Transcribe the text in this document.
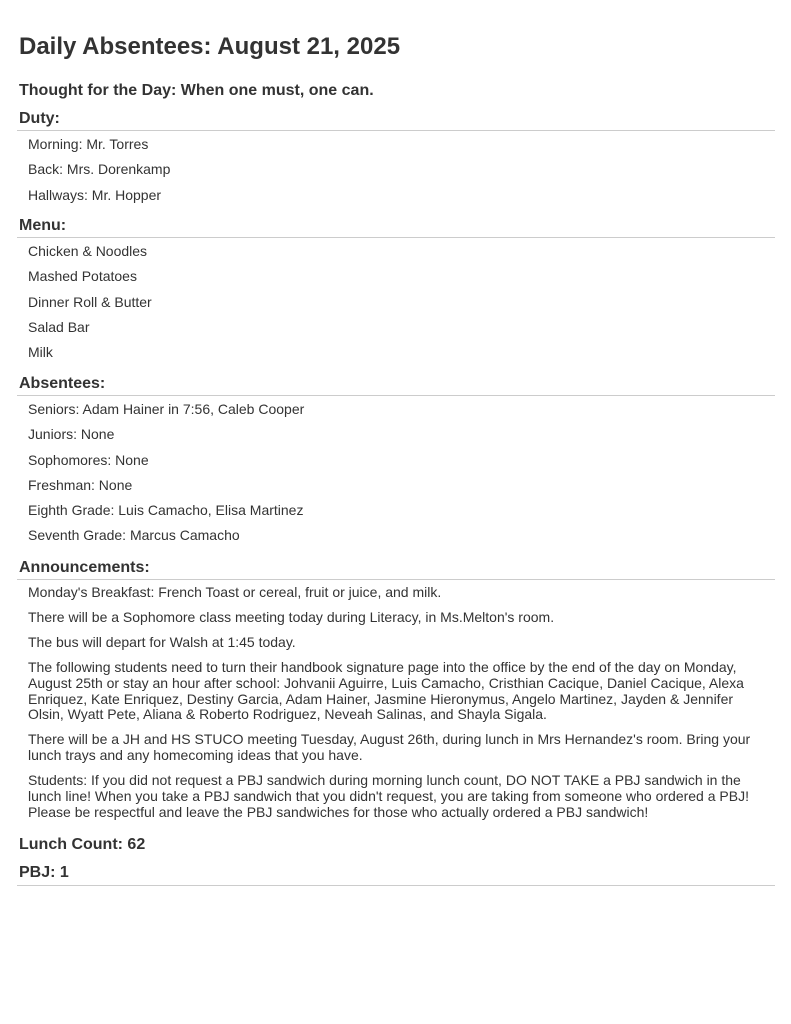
Daily Absentees: August 21, 2025

Thought for the Day: When one must, one can.

Duty:
Morning: Mr. Torres
Back: Mrs. Dorenkamp
Hallways: Mr. Hopper
Menu:
Chicken & Noodles
Mashed Potatoes
Dinner Roll & Butter
Salad Bar
Milk
Absentees:
Seniors: Adam Hainer in 7:56, Caleb Cooper
Juniors: None
Sophomores: None
Freshman: None
Eighth Grade: Luis Camacho, Elisa Martinez
Seventh Grade: Marcus Camacho
Announcements:
Monday's Breakfast: French Toast or cereal, fruit or juice, and milk.
There will be a Sophomore class meeting today during Literacy, in Ms.Melton's room.
The bus will depart for Walsh at 1:45 today.
The following students need to turn their handbook signature page into the office by the end of the day on Monday, August 25th or stay an hour after school: Johvanii Aguirre, Luis Camacho, Cristhian Cacique, Daniel Cacique, Alexa Enriquez, Kate Enriquez, Destiny Garcia, Adam Hainer, Jasmine Hieronymus, Angelo Martinez, Jayden & Jennifer Olsin, Wyatt Pete, Aliana & Roberto Rodriguez, Neveah Salinas, and Shayla Sigala.
There will be a JH and HS STUCO meeting Tuesday, August 26th, during lunch in Mrs Hernandez's room. Bring your lunch trays and any homecoming ideas that you have.
Students: If you did not request a PBJ sandwich during morning lunch count, DO NOT TAKE a PBJ sandwich in the lunch line! When you take a PBJ sandwich that you didn't request, you are taking from someone who ordered a PBJ! Please be respectful and leave the PBJ sandwiches for those who actually ordered a PBJ sandwich!

Lunch Count: 62

PBJ: 1
